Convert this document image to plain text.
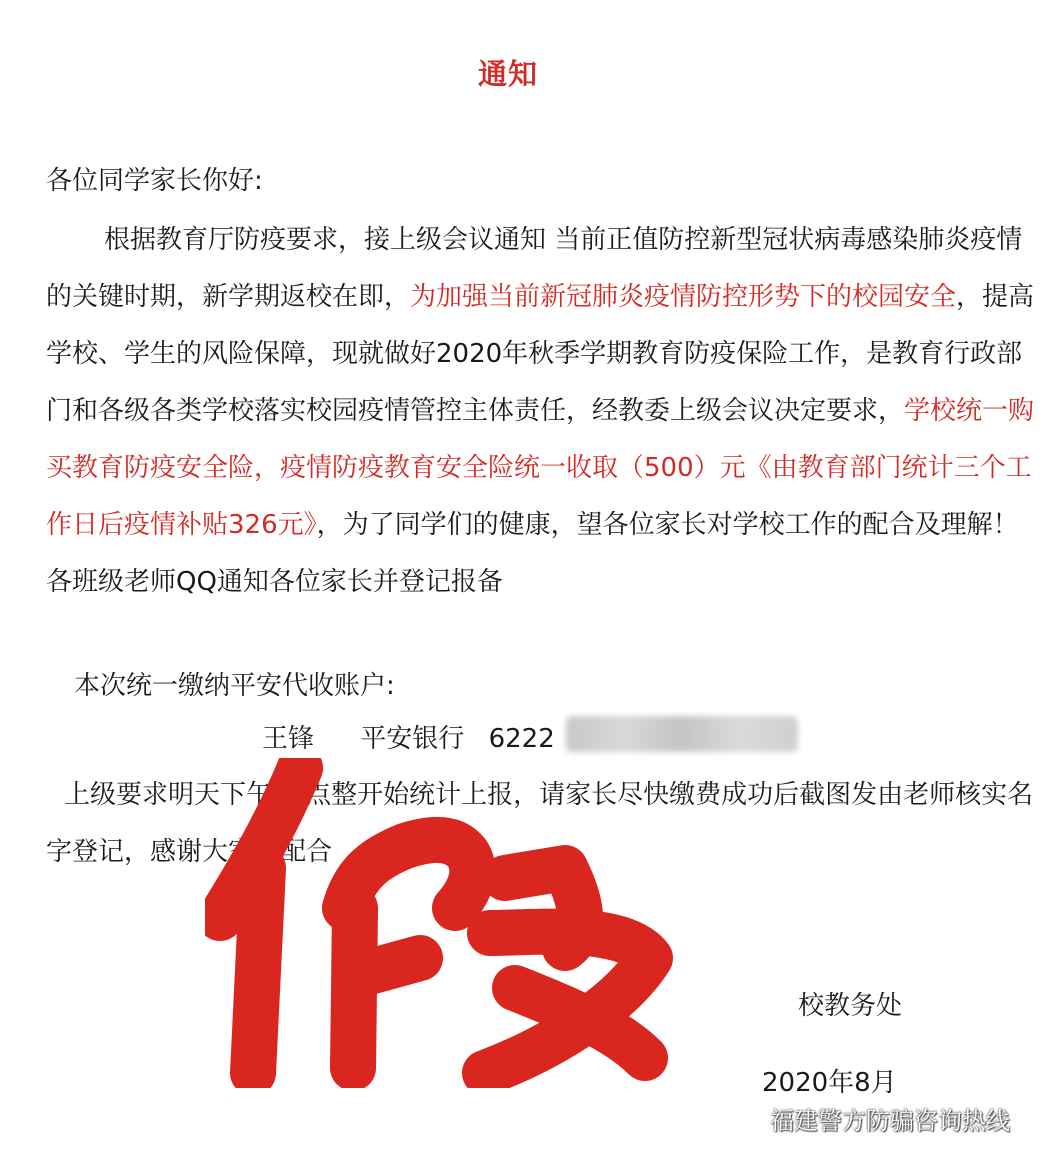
通知
各位同学家长你好:
根据教育厅防疫要求，接上级会议通知 当前正值防控新型冠状病毒感染肺炎疫情的关键时期，新学期返校在即，为加强当前新冠肺炎疫情防控形势下的校园安全，提高学校、学生的风险保障，现就做好2020年秋季学期教育防疫保险工作，是教育行政部门和各级各类学校落实校园疫情管控主体责任，经教委上级会议决定要求，学校统一购买教育防疫安全险，疫情防疫教育安全险统一收取（500）元《由教育部门统计三个工作日后疫情补贴326元》，为了同学们的健康，望各位家长对学校工作的配合及理解！各班级老师QQ通知各位家长并登记报备
本次统一缴纳平安代收账户:
王锋 平安银行 6222
上级要求明天下午17点整开始统计上报，请家长尽快缴费成功后截图发由老师核实名字登记，感谢大家的配合
校教务处
2020年8月
福建警方防骗咨询热线
